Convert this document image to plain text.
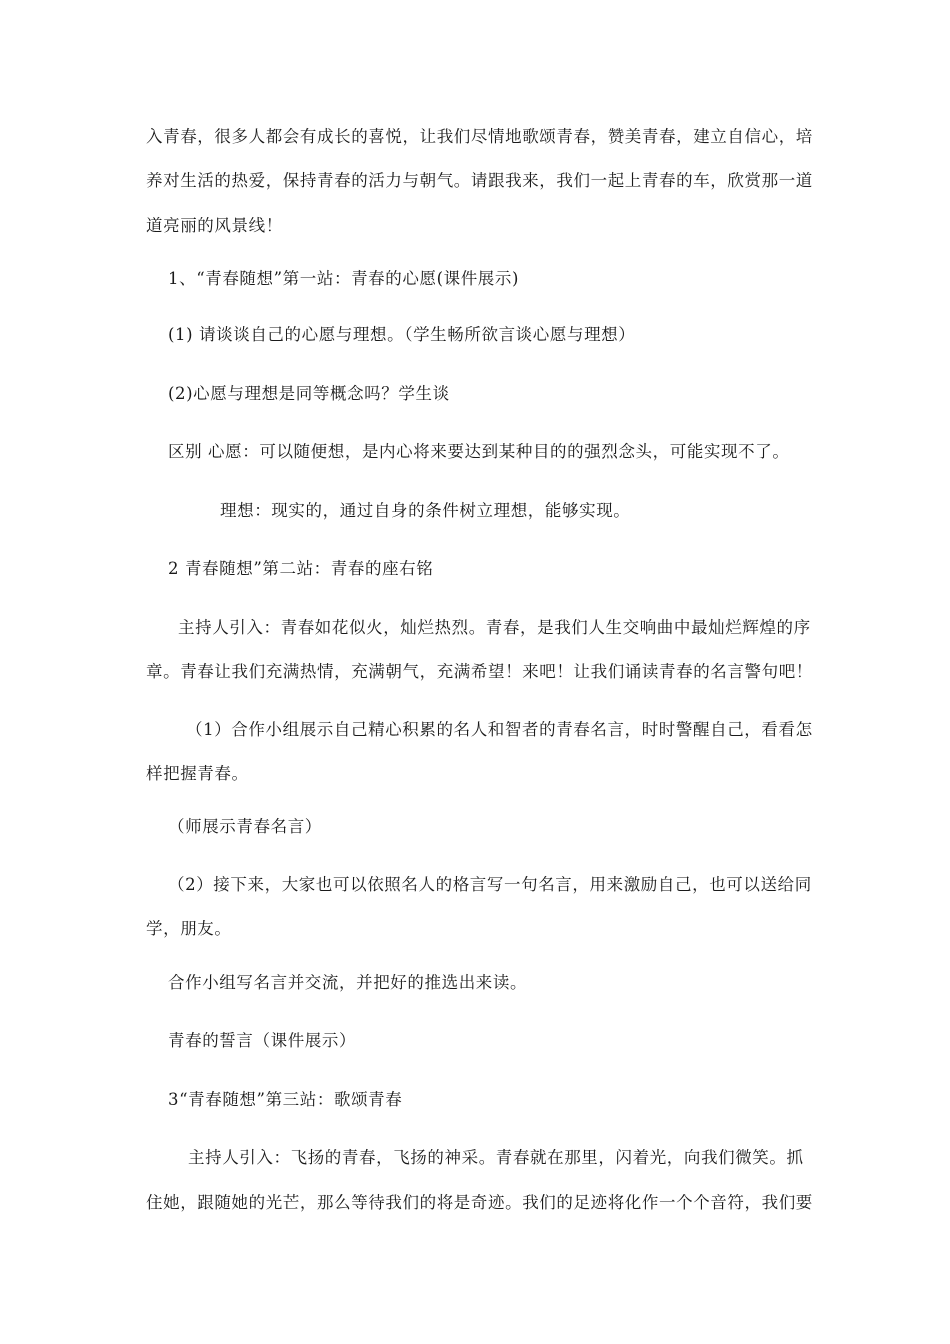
入青春，很多人都会有成长的喜悦，让我们尽情地歌颂青春，赞美青春，建立自信心，培
养对生活的热爱，保持青春的活力与朝气。请跟我来，我们一起上青春的车，欣赏那一道
道亮丽的风景线！
1、“青春随想”第一站：青春的心愿(课件展示)
(1) 请谈谈自己的心愿与理想。（学生畅所欲言谈心愿与理想）
(2)心愿与理想是同等概念吗？学生谈
区别 心愿：可以随便想，是内心将来要达到某种目的的强烈念头，可能实现不了。
理想：现实的，通过自身的条件树立理想，能够实现。
2 青春随想”第二站：青春的座右铭
主持人引入：青春如花似火，灿烂热烈。青春，是我们人生交响曲中最灿烂辉煌的序
章。青春让我们充满热情，充满朝气，充满希望！来吧！让我们诵读青春的名言警句吧！
（1）合作小组展示自己精心积累的名人和智者的青春名言，时时警醒自己，看看怎
样把握青春。
（师展示青春名言）
（2）接下来，大家也可以依照名人的格言写一句名言，用来激励自己，也可以送给同
学，朋友。
合作小组写名言并交流，并把好的推选出来读。
青春的誓言（课件展示）
3“青春随想”第三站：歌颂青春
主持人引入：飞扬的青春，飞扬的神采。青春就在那里，闪着光，向我们微笑。抓
住她，跟随她的光芒，那么等待我们的将是奇迹。我们的足迹将化作一个个音符，我们要
